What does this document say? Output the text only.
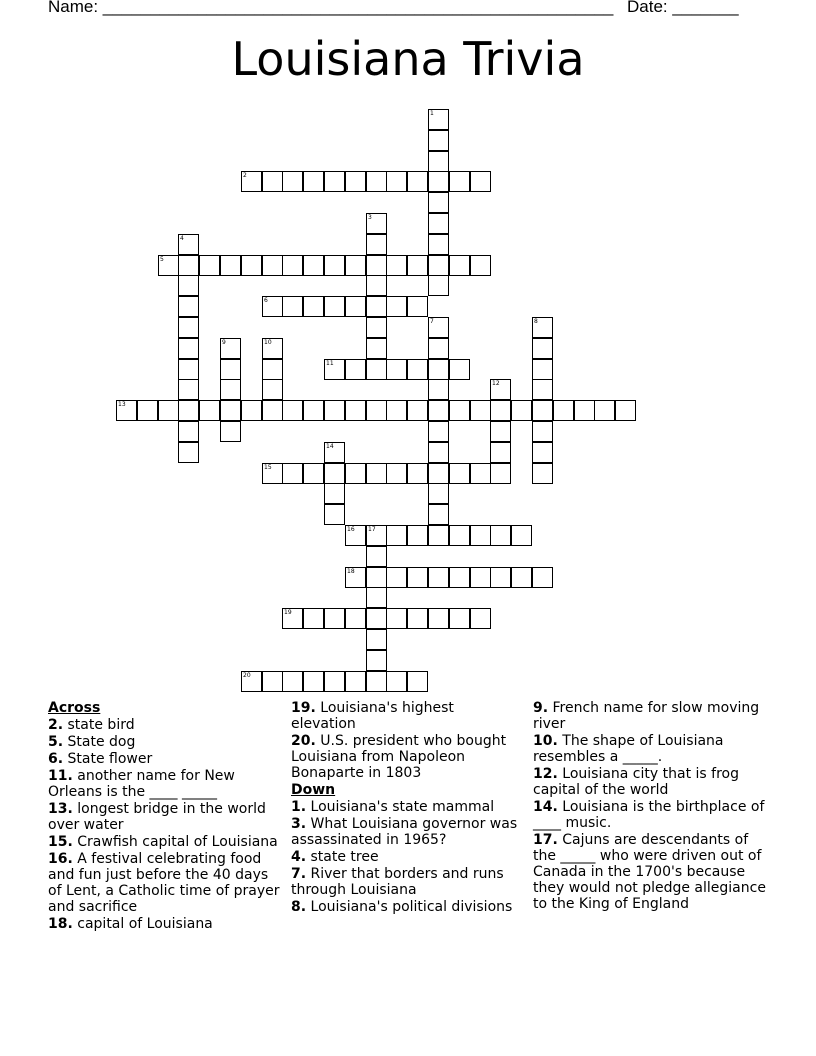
Name: ______________________________________________________ Date: _______
Louisiana Trivia
1
2
3
4
5
6
7	8
9	10
11
12
13
14
15
16 17
18
19
20
Across
2. state bird
5. State dog
6. State flower
11. another name for New Orleans is the ____ _____
13. longest bridge in the world over water
15. Crawfish capital of Louisiana
16. A festival celebrating food and fun just before the 40 days of Lent, a Catholic time of prayer and sacrifice
18. capital of Louisiana
19. Louisiana's highest elevation
20. U.S. president who bought Louisiana from Napoleon Bonaparte in 1803
Down
1. Louisiana's state mammal
3. What Louisiana governor was assassinated in 1965?
4. state tree
7. River that borders and runs through Louisiana
8. Louisiana's political divisions
9. French name for slow moving river
10. The shape of Louisiana resembles a _____.
12. Louisiana city that is frog capital of the world
14. Louisiana is the birthplace of ____ music.
17. Cajuns are descendants of the _____ who were driven out of Canada in the 1700's because they would not pledge allegiance to the King of England
